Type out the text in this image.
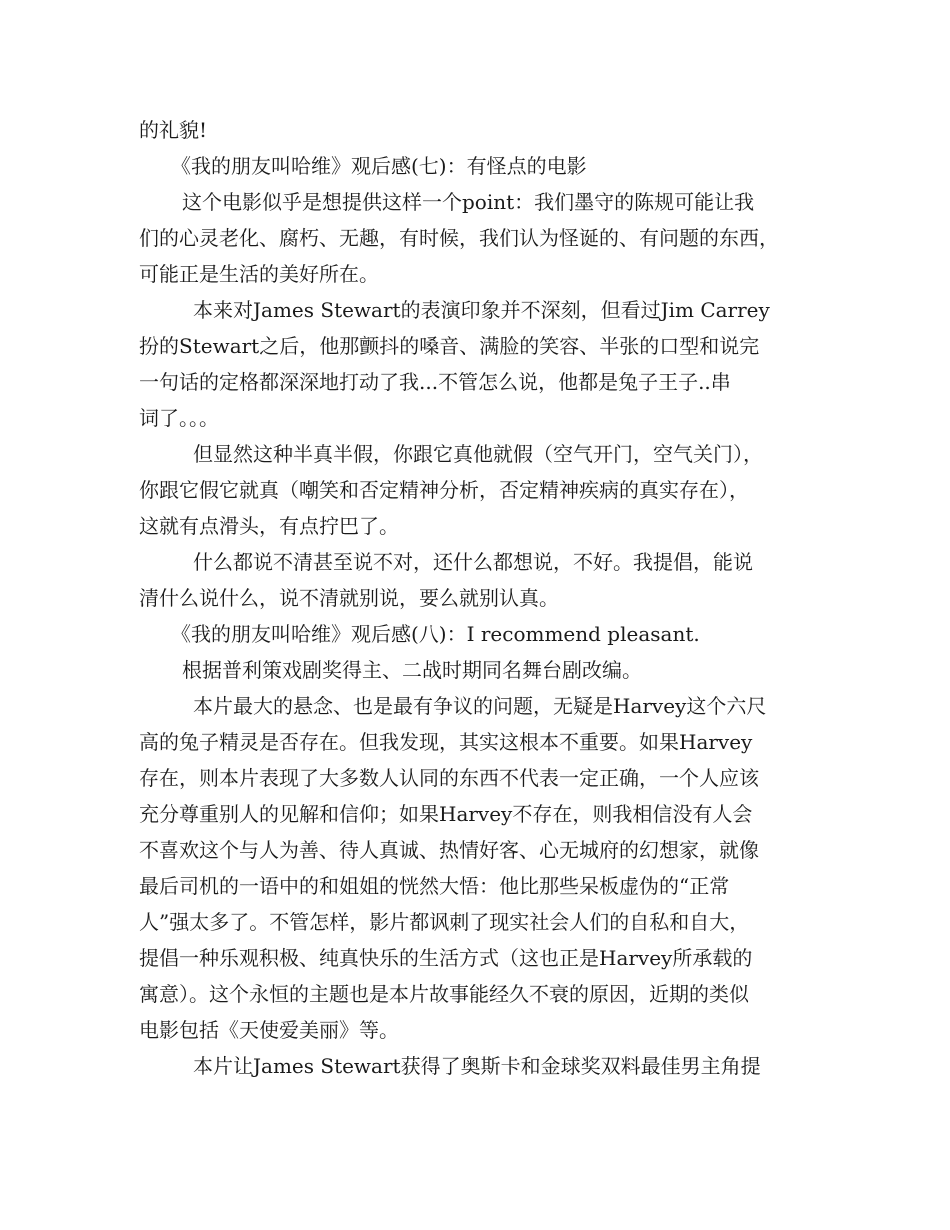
的礼貌!
《我的朋友叫哈维》观后感(七)：有怪点的电影
这个电影似乎是想提供这样一个point：我们墨守的陈规可能让我
们的心灵老化、腐朽、无趣，有时候，我们认为怪诞的、有问题的东西，
可能正是生活的美好所在。
本来对James Stewart的表演印象并不深刻，但看过Jim Carrey
扮的Stewart之后，他那颤抖的嗓音、满脸的笑容、半张的口型和说完
一句话的定格都深深地打动了我...不管怎么说，他都是兔子王子..串
词了。。。
但显然这种半真半假，你跟它真他就假（空气开门，空气关门），
你跟它假它就真（嘲笑和否定精神分析，否定精神疾病的真实存在），
这就有点滑头，有点拧巴了。
什么都说不清甚至说不对，还什么都想说，不好。我提倡，能说
清什么说什么，说不清就别说，要么就别认真。
《我的朋友叫哈维》观后感(八)：I recommend pleasant.
根据普利策戏剧奖得主、二战时期同名舞台剧改编。
本片最大的悬念、也是最有争议的问题，无疑是Harvey这个六尺
高的兔子精灵是否存在。但我发现，其实这根本不重要。如果Harvey
存在，则本片表现了大多数人认同的东西不代表一定正确，一个人应该
充分尊重别人的见解和信仰；如果Harvey不存在，则我相信没有人会
不喜欢这个与人为善、待人真诚、热情好客、心无城府的幻想家，就像
最后司机的一语中的和姐姐的恍然大悟：他比那些呆板虚伪的“正常
人”强太多了。不管怎样，影片都讽刺了现实社会人们的自私和自大，
提倡一种乐观积极、纯真快乐的生活方式（这也正是Harvey所承载的
寓意）。这个永恒的主题也是本片故事能经久不衰的原因，近期的类似
电影包括《天使爱美丽》等。
本片让James Stewart获得了奥斯卡和金球奖双料最佳男主角提
